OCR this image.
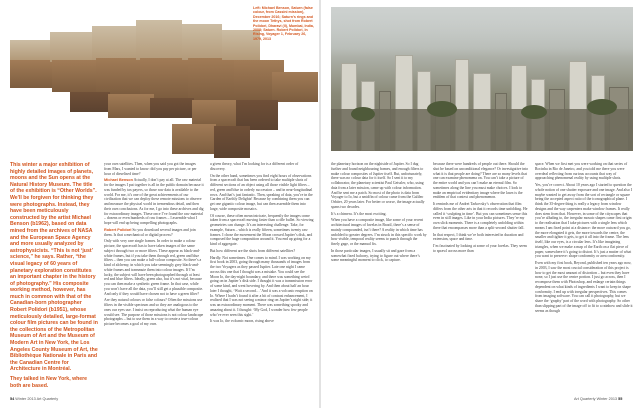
Left: Michael Benson, Saturn (false colour, from Cassini mission), December 2016; Saturn’s rings and the moon Tethys, shot from Robert Polidori, Dharavi (II), Mumbai, India, 2008; Saturn. Robert Polidori, In Rising, Voyager 1, February 26, 1979, 2013

This winter a major exhibition of highly detailed images of planets, moons and the Sun opens at the Natural History Museum. The title of the exhibition is “Other Worlds”. We'll be forgiven for thinking they were photographs. Instead, they have been meticulously constructed by the artist Michael Benson (b1962), based on data mined from the archives of NASA and the European Space Agency and more usually analyzed by astrophysicists. “This is not ‘just’ science,” he says. Rather, “the visual legacy of 60 years of planetary exploration constitutes an important chapter in the history of photography.” His composite working method, however, has much in common with that of the Canadian-born photographer Robert Polidori (b1951), whose meticulously detailed, large-format colour film pictures can be found in the collections of the Metropolitan Museum of Art and the Museum of Modern Art in New York, the Los Angeles County Museum of Art, the Bibliothèque Nationale in Paris and the Canadian Centre for Architecture in Montréal.

They talked in New York, where both are based.

your own satellites. Then, when you said you got the images from Mars, I wanted to know: did you pay per picture, or per hour of dieselised time?

Michael Benson Actually, I don’t pay at all. The raw material for the images I put together is all in the public domain because it was funded by tax payers, so those raw data is available to the world. For me, it’s one of the great achievements of our civilisation that we can deploy these remote missions to observe and measure the physical world in tremendous detail, and then their own conclusions. As for me, I go into these archives and dig for extraordinary images. These once I’ve found the raw material – dozens or even hundreds of raw frames – I assemble what I hope will end up being compelling photographs.

Robert Polidori So you download several images and join them. Is that a mechanical or digital process?

Only with very rare single frames. In order to make a colour picture, the spacecraft has to have taken images of the same subject through two or more filters. These appear as black-and-white frames, but if you take them through red, green and blue filters – then you can make a full-colour composite. So there’s a kind of alchemy, in which you take seemingly grey black-and-white frames and transmute them into colour images. If I’m lucky, the subject will have been photographed through at least red and blue filters. Ideally, green also, but it’s not vital, because you can then make a synthetic green frame. In that case, while you won’t have all the data, you’ll still get a plausible composite. And only if they would have chosen not to have a green filter?

Are they natural colours or false colours? Often the missions use filters in the visible spectrum and so they are analogous to the ones our eyes use. I insist on reproducing what the human eye would see. The purpose of those missions is not colour landscape photographs – but to use them in a way to create a true-colour picture becomes a goal of my own.

a given theory, what I’m looking for is a different order of discovery.

On the other hand, sometimes you find eight hours of observations from a spacecraft that has been ordered to take multiple shots of different sections of an object using all those visible light filters – red, green and blue in orderly succession – and in near-longitudinal rows. And that’s just fantastic. Then, speaking of data, you’re in the Garden of Earthly Delights! Because by combining them you can get one gigantic colour image, but can then assemble them into large, wide composite mosaics.

Of course, these often mean intricate, frequently the images come taken from a spacecraft moving faster than a rifle bullet. So viewing geometries can change. It’s an interesting challenge. Take, for example, Saturn – which is really fifteen, sometimes twenty raw frames. I chose the movement the Moon crossed Jupiter’s disk, and composed the huge composition around it. You end up going for a kind of aggregate.

But how different are the shots from different satellites?

Hardly. Not sometimes. One comes to mind. I was working on my first book in 2003, going through many thousands of images from the two Voyagers as they passed Jupiter. Late one night I came across this one that I thought was a mistake. You could see the Moon Io, the day-night boundary, and there was something weird going on in Jupiter’s disk side. I thought it was a transmission error of some kind, and went hovering by. And then about half an hour later I thought, ‘Wait a second…’ And it was a volcanic eruption on Io. Where I hadn’t found it after a bit of contrast enhancement, I realised that I was not seeing a minor ring on Jupiter’s night side; it was an extraordinary moment. There was something spooky and amazing about it. I thought: ‘My God, I wonder how few people who’ve ever seen this sight.’

It was Io, the volcanic moon, rising above

the planetary horizon on the nightside of Jupiter. So I dug further and found neighbouring frames, and enough filters to make colour composites of Jupiter itself. But, unfortunately, there was no colour data for it itself. So I sent it to my collaborator, the planetary scientist Paul Geissler, who, using data from a later mission, came up with colour information. And he sent me a patch. So most of the photo is data from Voyager to Io, but a smidfin of colour came from the Galileo Orbiter, 20 years later. For better or worse, the image actually spans two decades.

It’s a chimera. It’s the most exciting.

When you have a composite image, like some of your recent architectural images of favelas in Brazil, there’s a sense of mainly compounded, isn’t there? A reality in which time has unfolded to greater degrees. I’m struck in this specific work by how visible, temporal reality seems to punch through the finely gage, or the manual fix.

In those particular images, I usually sit and gaze from a somewhat fixed balcony, trying to figure out where there’s some meaningful moment to click, to capture.

because there were hundreds of people out there. Should the shot be based on unconditional elegance? Or investigative into what it is that people are doing? There are so many levels that one can examine phenomena on. You can’t take a picture of the entire world and you can’t make an eternal film. So sometimes along the line you must make choices. I look to make an empirical evidentiary image where the lawn is the emblem of that context and phenomenon.

It reminds me of Andrei Tarkovsky’s observation that film differs from the other arts in that it records time unfolding. He called it ‘sculpting in time’. But you can sometimes sense this even in still images. Like in your India pictures. They’re my own slick moments. There is a completely unfolding within there that encompasses more than a split-second shutter fall.

In that respect, I think we’re both interested in duration and extension, space and time.

I’m fascinated by looking at some of your favelas. They seem to sprawl across more than

space. When we first met you were working on that series of Rocinha in Rio de Janeiro, and you told me there you were overdeal reflecting from curious accounts that way of approaching phenomenal reality by using multiple shots.

Yes, you’re correct. About 10 years ago I started to question the whole notion of one shutter exposure and one image. And also I maybe wanted to get away from the sort of rectangle or square being the accepted aspect ratio of the iconographical plane. I think the 35-degree thing is really a legacy from window designs and the way carpenters make window frames. It really does stem from that. However, in some of the cityscapes that you’re alluding to, the irregular mosaic shapes came first origin to the realisation that I take pictures with a single lens which means I am fixed point at a distance: the more outward you go, the more elongated it gets, the more towards the centre, the smaller and tighter it gets, to get it all into the frame. The lens itself, like our eyes, is a circular lens. It’s like imagining triangles, when we make a map of the Earth on a flat piece of paper, somewhere it’s going to distort. It’s just a matter of what you want to preserve: shape conformity or area conformity.

Even with my first book, Beyond, published ten years ago now, in 2003, I saw the most crucial consideration of this project is how to get the most amount of distortion – but even they have none, so I just use the centre portion. I just go across, then I recompose them with Photoshop, and enlarge certain things dependent on what kinds of ingredients I want to keep in shape conformity. I end up with irregular perspectives. This comes from imaging software. You can call it photography, but we share the ‘graphy’ part of the word with photography. So other than slipping part of the image off to fit to a rainbow and slide it seems as though

54 Winter 2013 Art Quarterly	Art Quarterly Winter 2013 55
